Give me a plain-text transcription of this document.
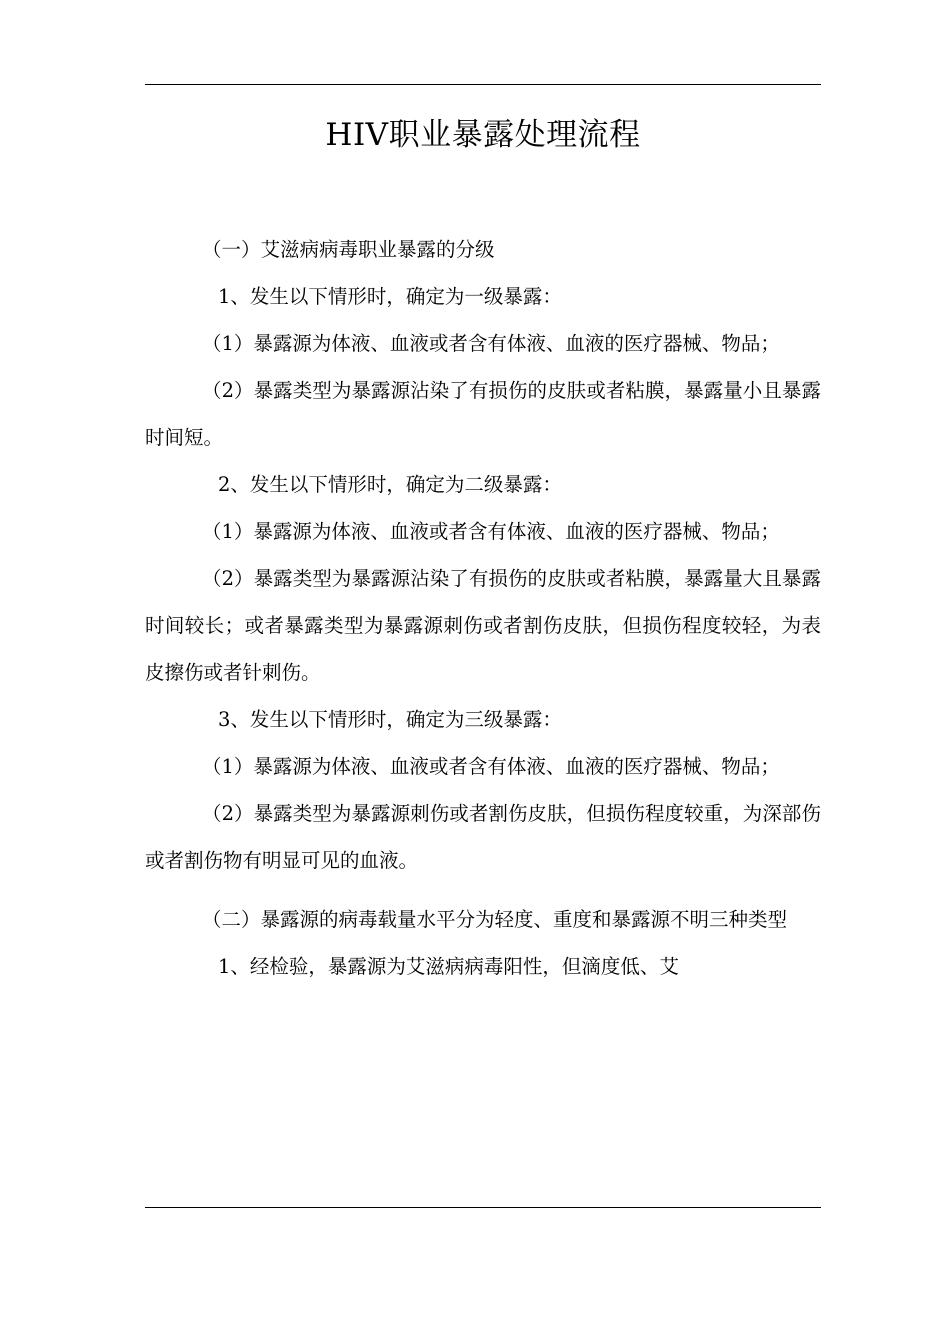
HIV职业暴露处理流程

（一）艾滋病病毒职业暴露的分级

1、发生以下情形时，确定为一级暴露：

（1）暴露源为体液、血液或者含有体液、血液的医疗器械、物品；

（2）暴露类型为暴露源沾染了有损伤的皮肤或者粘膜，暴露量小且暴露时间短。

2、发生以下情形时，确定为二级暴露：

（1）暴露源为体液、血液或者含有体液、血液的医疗器械、物品；

（2）暴露类型为暴露源沾染了有损伤的皮肤或者粘膜，暴露量大且暴露时间较长；或者暴露类型为暴露源刺伤或者割伤皮肤，但损伤程度较轻，为表皮擦伤或者针刺伤。

3、发生以下情形时，确定为三级暴露：

（1）暴露源为体液、血液或者含有体液、血液的医疗器械、物品；

（2）暴露类型为暴露源刺伤或者割伤皮肤，但损伤程度较重，为深部伤或者割伤物有明显可见的血液。

（二）暴露源的病毒载量水平分为轻度、重度和暴露源不明三种类型

1、经检验，暴露源为艾滋病病毒阳性，但滴度低、艾
